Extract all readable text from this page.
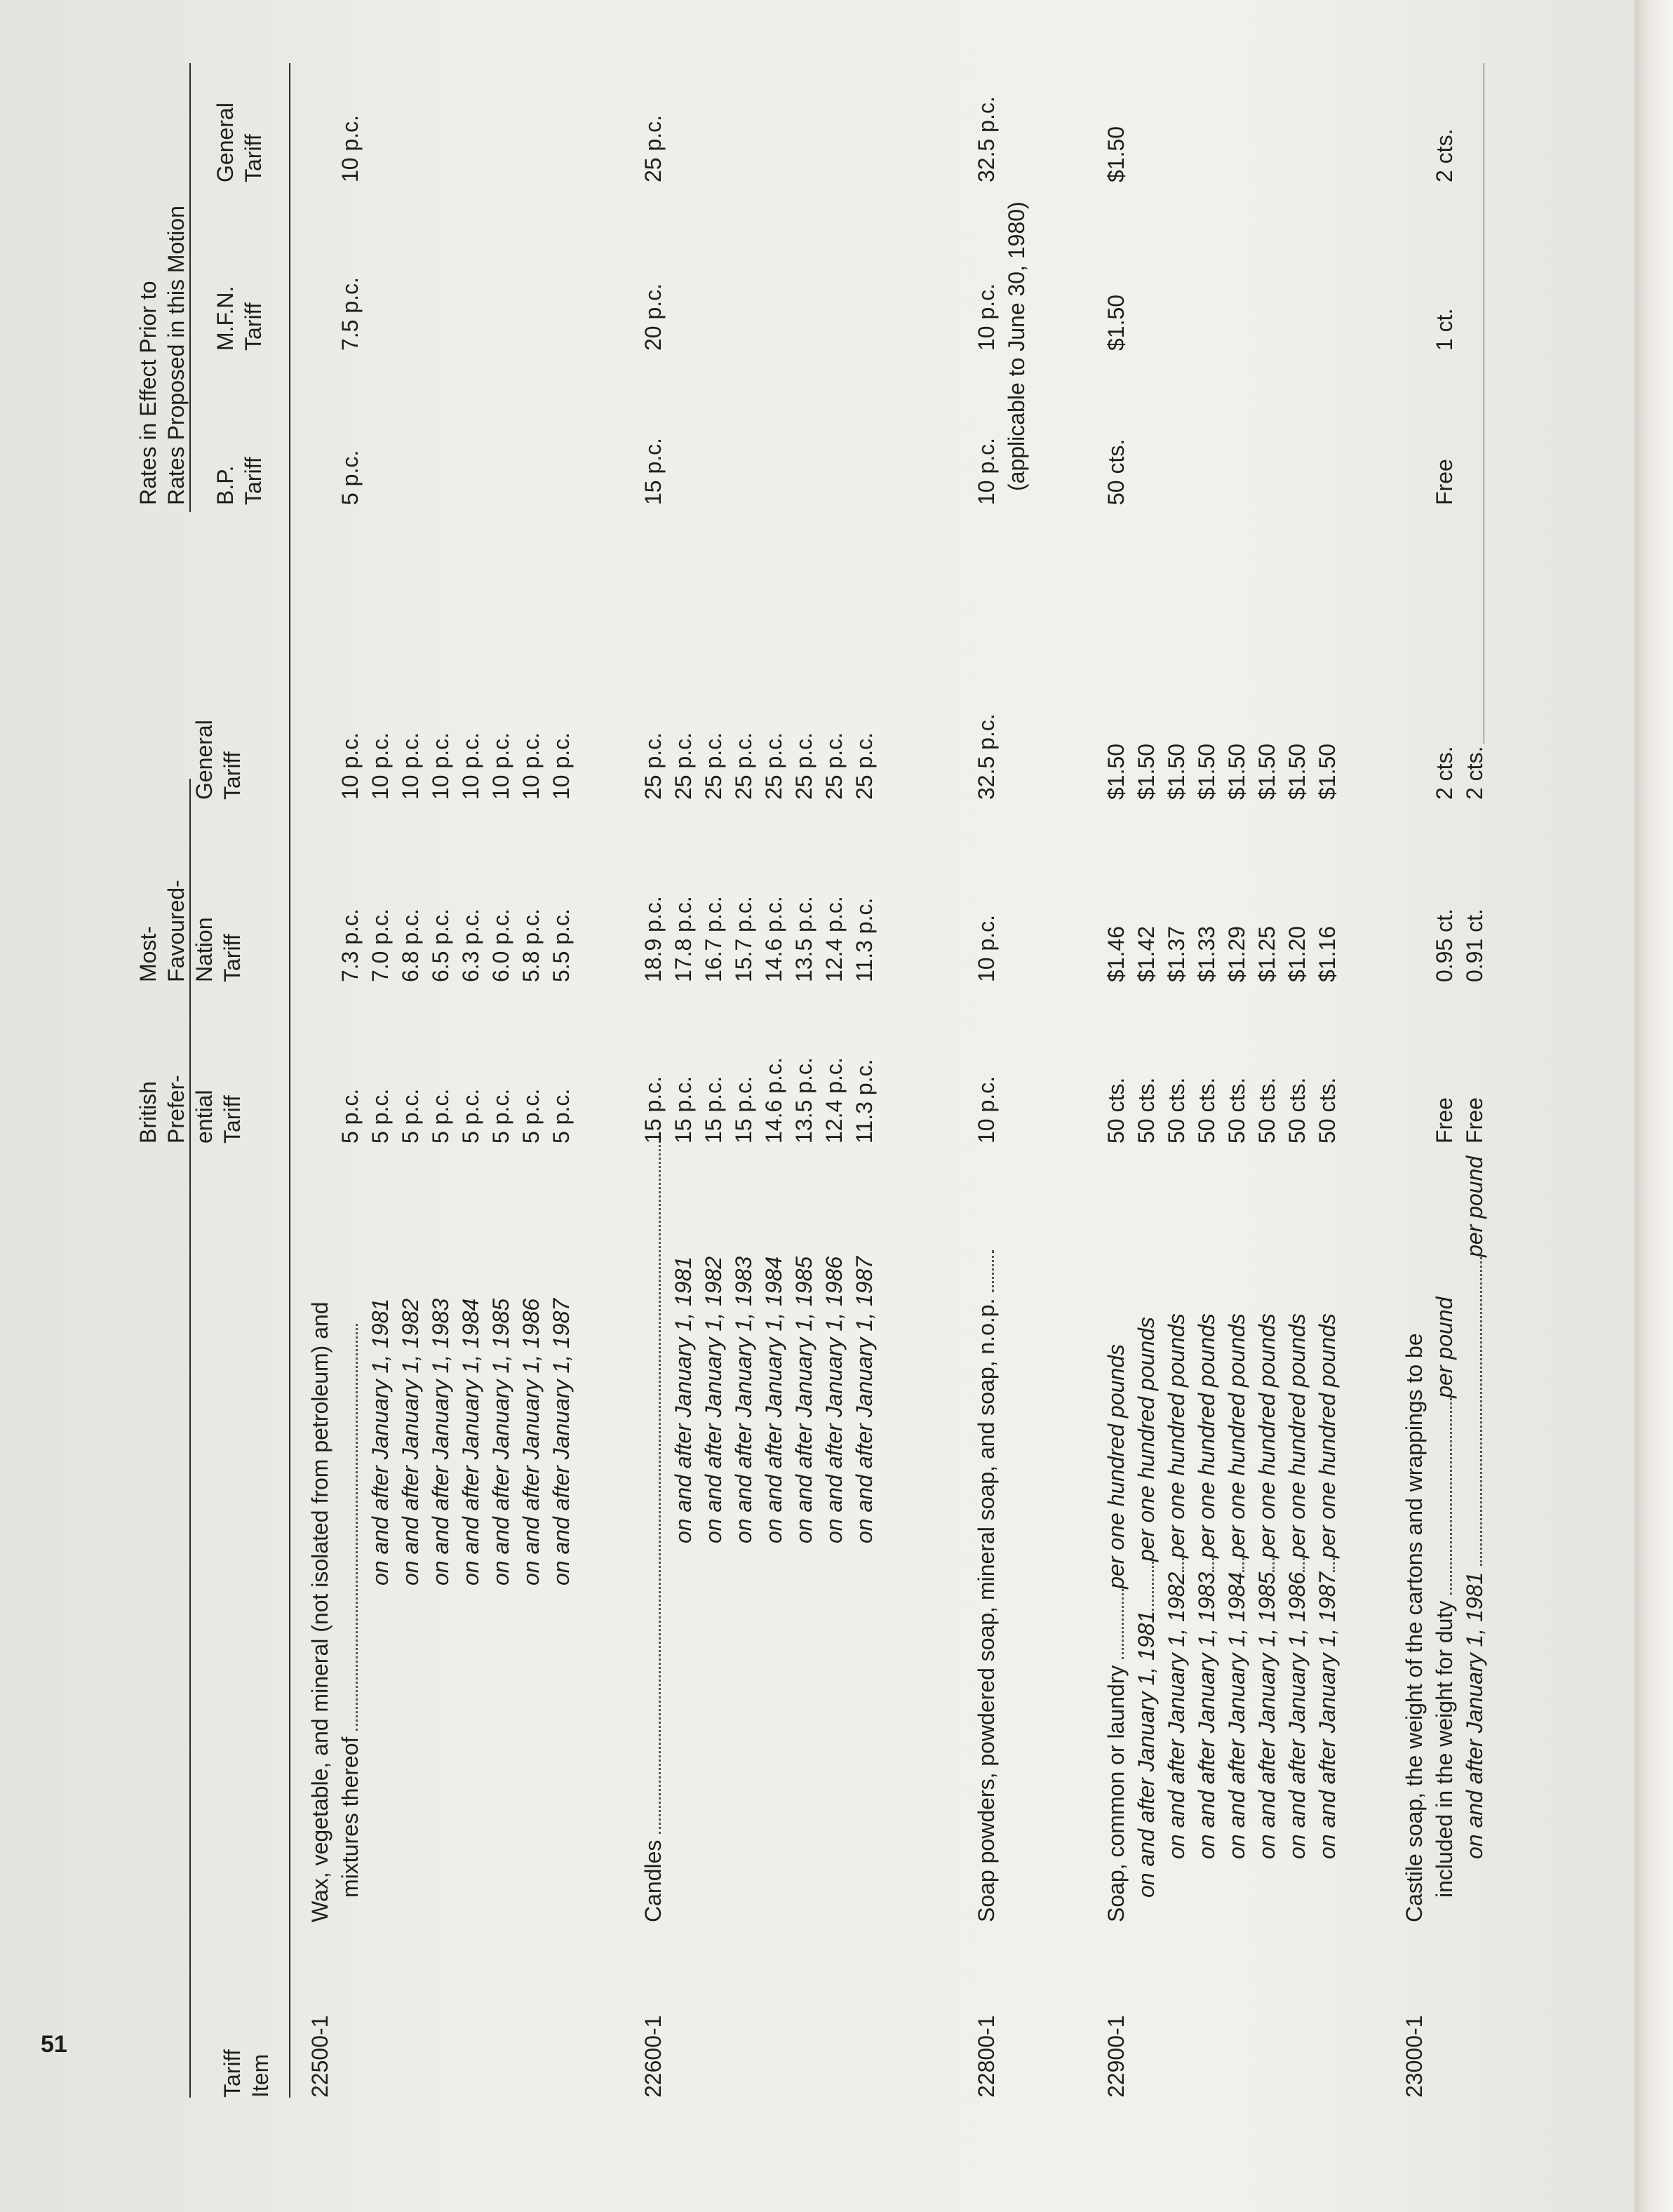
51
Rates in Effect Prior to Rates Proposed in this Motion
Tariff Item
British Prefer- ential Tariff
Most- Favoured- Nation Tariff
General Tariff
B.P. Tariff
M.F.N. Tariff
General Tariff
22500-1
Wax, vegetable, and mineral (not isolated from petroleum) and mixtures thereof
5 p.c.
7.3 p.c.
10 p.c.
5 p.c.
7.5 p.c.
10 p.c.
on and after January 1, 1981
5 p.c.
7.0 p.c.
10 p.c.
on and after January 1, 1982
5 p.c.
6.8 p.c.
10 p.c.
on and after January 1, 1983
5 p.c.
6.5 p.c.
10 p.c.
on and after January 1, 1984
5 p.c.
6.3 p.c.
10 p.c.
on and after January 1, 1985
5 p.c.
6.0 p.c.
10 p.c.
on and after January 1, 1986
5 p.c.
5.8 p.c.
10 p.c.
on and after January 1, 1987
5 p.c.
5.5 p.c.
10 p.c.
22600-1
Candles
15 p.c.
18.9 p.c.
25 p.c.
15 p.c.
20 p.c.
25 p.c.
on and after January 1, 1981
15 p.c.
17.8 p.c.
25 p.c.
on and after January 1, 1982
15 p.c.
16.7 p.c.
25 p.c.
on and after January 1, 1983
15 p.c.
15.7 p.c.
25 p.c.
on and after January 1, 1984
14.6 p.c.
14.6 p.c.
25 p.c.
on and after January 1, 1985
13.5 p.c.
13.5 p.c.
25 p.c.
on and after January 1, 1986
12.4 p.c.
12.4 p.c.
25 p.c.
on and after January 1, 1987
11.3 p.c.
11.3 p.c.
25 p.c.
22800-1
Soap powders, powdered soap, mineral soap, and soap, n.o.p.
10 p.c.
10 p.c.
32.5 p.c.
10 p.c.
10 p.c.
32.5 p.c.
(applicable to June 30, 1980)
22900-1
Soap, common or laundry per one hundred pounds
50 cts.
$1.46
$1.50
50 cts.
$1.50
$1.50
on and after January 1, 1981per one hundred pounds
50 cts.
$1.42
$1.50
on and after January 1, 1982per one hundred pounds
50 cts.
$1.37
$1.50
on and after January 1, 1983per one hundred pounds
50 cts.
$1.33
$1.50
on and after January 1, 1984per one hundred pounds
50 cts.
$1.29
$1.50
on and after January 1, 1985per one hundred pounds
50 cts.
$1.25
$1.50
on and after January 1, 1986per one hundred pounds
50 cts.
$1.20
$1.50
on and after January 1, 1987per one hundred pounds
50 cts.
$1.16
$1.50
23000-1
Castile soap, the weight of the cartons and wrappings to be included in the weight for duty per pound
Free
0.95 ct.
2 cts.
Free
1 ct.
2 cts.
on and after January 1, 1981 per pound
Free
0.91 ct.
2 cts.
